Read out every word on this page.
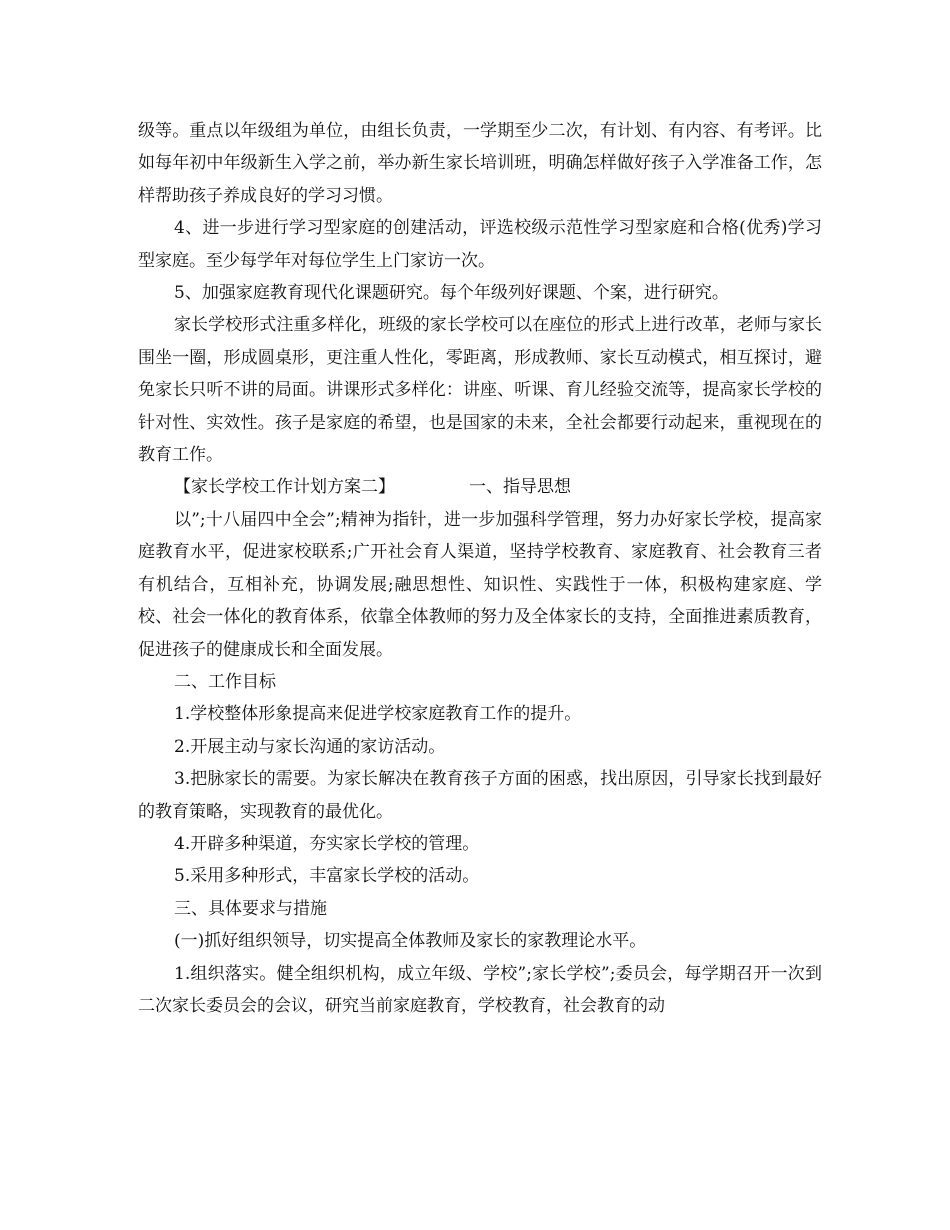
级等。重点以年级组为单位，由组长负责，一学期至少二次，有计划、有内容、有考评。比如每年初中年级新生入学之前，举办新生家长培训班，明确怎样做好孩子入学准备工作，怎样帮助孩子养成良好的学习习惯。

4、进一步进行学习型家庭的创建活动，评选校级示范性学习型家庭和合格(优秀)学习型家庭。至少每学年对每位学生上门家访一次。

5、加强家庭教育现代化课题研究。每个年级列好课题、个案，进行研究。

家长学校形式注重多样化，班级的家长学校可以在座位的形式上进行改革，老师与家长围坐一圈，形成圆桌形，更注重人性化，零距离，形成教师、家长互动模式，相互探讨，避免家长只听不讲的局面。讲课形式多样化：讲座、听课、育儿经验交流等，提高家长学校的针对性、实效性。孩子是家庭的希望，也是国家的未来，全社会都要行动起来，重视现在的教育工作。

【家长学校工作计划方案二】	一、指导思想

以”;十八届四中全会”;精神为指针，进一步加强科学管理，努力办好家长学校，提高家庭教育水平，促进家校联系;广开社会育人渠道，坚持学校教育、家庭教育、社会教育三者有机结合，互相补充，协调发展;融思想性、知识性、实践性于一体，积极构建家庭、学校、社会一体化的教育体系，依靠全体教师的努力及全体家长的支持，全面推进素质教育，促进孩子的健康成长和全面发展。

二、工作目标

1.学校整体形象提高来促进学校家庭教育工作的提升。

2.开展主动与家长沟通的家访活动。

3.把脉家长的需要。为家长解决在教育孩子方面的困惑，找出原因，引导家长找到最好的教育策略，实现教育的最优化。

4.开辟多种渠道，夯实家长学校的管理。

5.采用多种形式，丰富家长学校的活动。

三、具体要求与措施

(一)抓好组织领导，切实提高全体教师及家长的家教理论水平。

1.组织落实。健全组织机构，成立年级、学校”;家长学校”;委员会，每学期召开一次到二次家长委员会的会议，研究当前家庭教育，学校教育，社会教育的动
